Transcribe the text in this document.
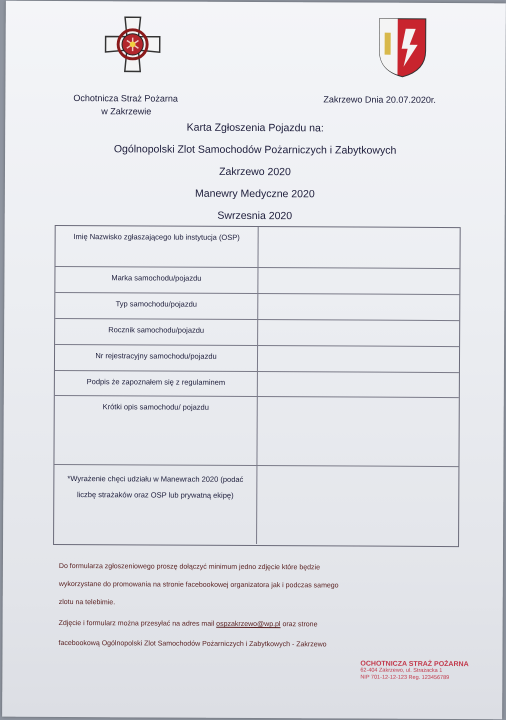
Ochotnicza Straż Pożarna
w Zakrzewie
Zakrzewo Dnia 20.07.2020r.
Karta Zgłoszenia Pojazdu na:
Ogólnopolski Zlot Samochodów Pożarniczych i Zabytkowych
Zakrzewo 2020
Manewry Medyczne 2020
Swrzesnia 2020
Imię Nazwisko zgłaszającego lub instytucja (OSP)
Marka samochodu/pojazdu
Typ samochodu/pojazdu
Rocznik samochodu/pojazdu
Nr rejestracyjny samochodu/pojazdu
Podpis że zapoznałem się z regulaminem
Krótki opis samochodu/ pojazdu
*Wyrażenie chęci udziału w Manewrach 2020 (podać liczbę strażaków oraz OSP lub prywatną ekipę)
Do formularza zgłoszeniowego proszę dołączyć minimum jedno zdjęcie które będzie
wykorzystane do promowania na stronie facebookowej organizatora jak i podczas samego
zlotu na telebimie.
Zdjęcie i formularz można przesyłać na adres mail ospzakrzewo@wp.pl oraz strone
facebookową Ogólnopolski Zlot Samochodów Pożarniczych i Zabytkowych - Zakrzewo
OCHOTNICZA STRAŻ POŻARNA
62-404 Zakrzewo, ul. Strażacka 1
NIP 701-12-12-123 Reg. 123456789
